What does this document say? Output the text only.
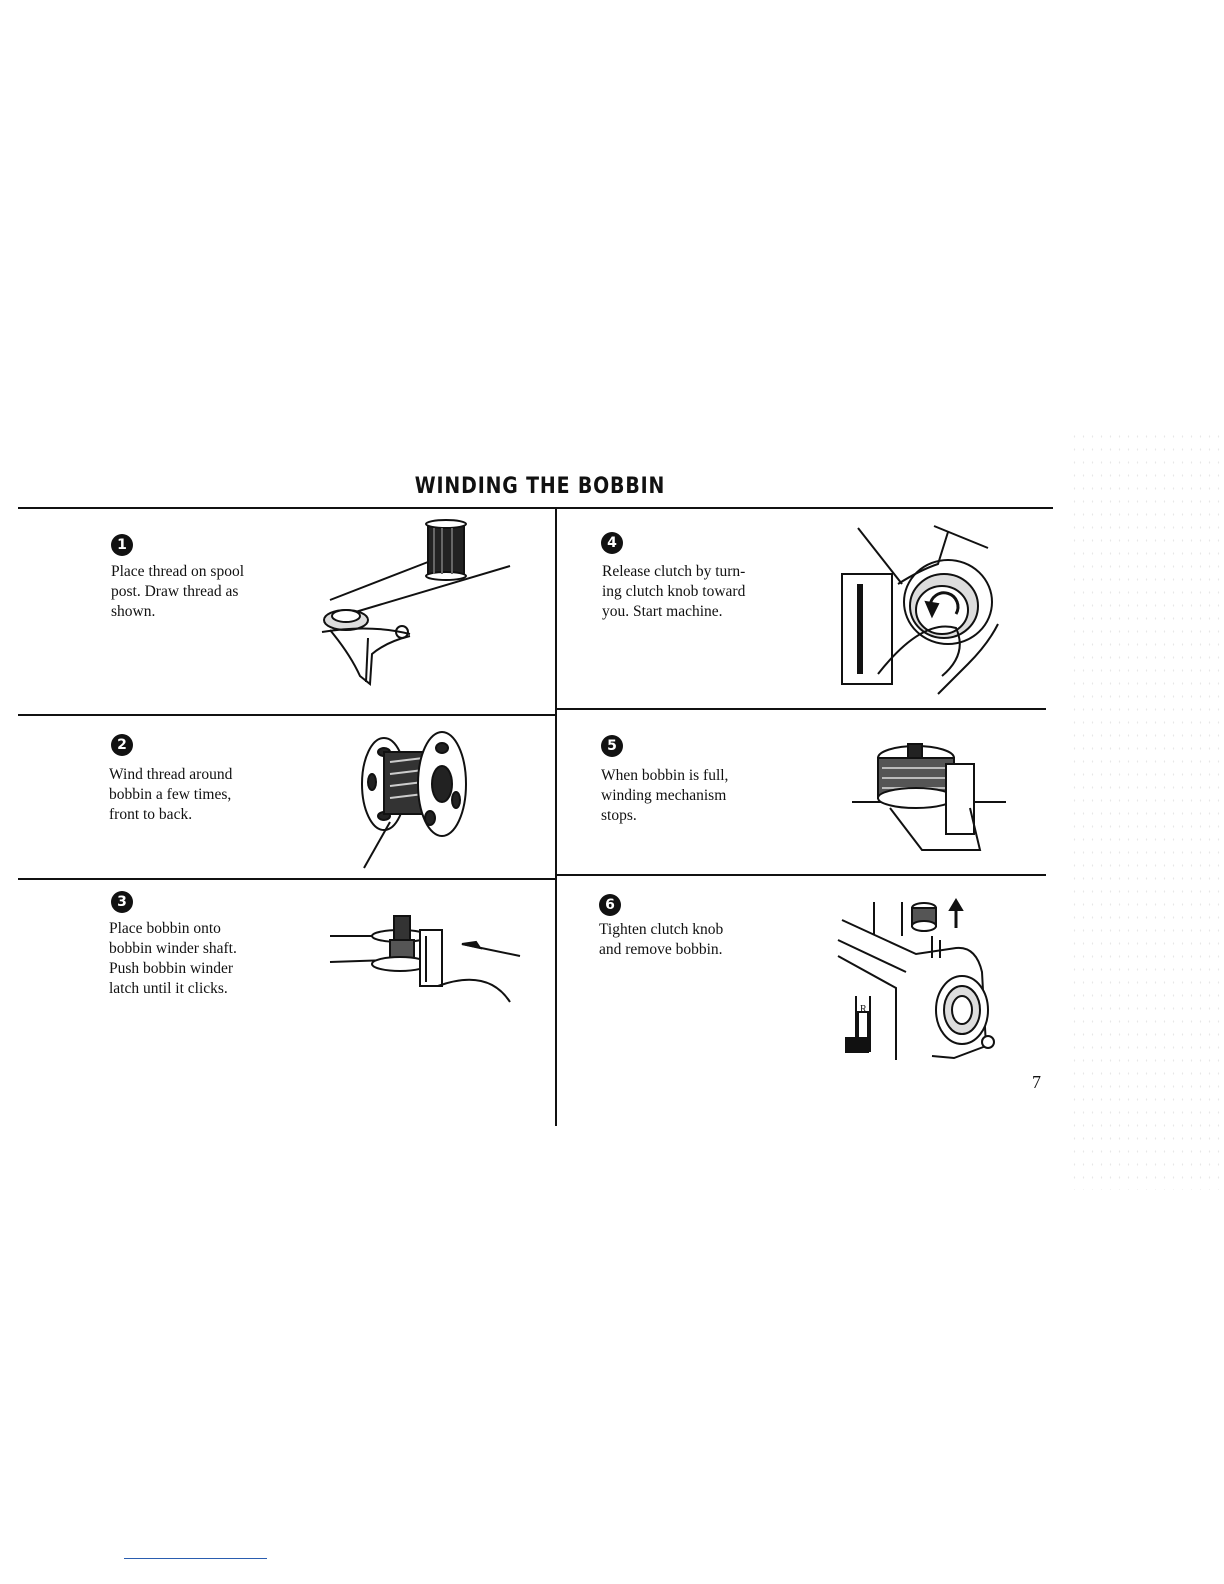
WINDING THE BOBBIN
1
Place thread on spool
post. Draw thread as
shown.
2
Wind thread around
bobbin a few times,
front to back.
3
Place bobbin onto
bobbin winder shaft.
Push bobbin winder
latch until it clicks.
4
Release clutch by turn-
ing clutch knob toward
you. Start machine.
5
When bobbin is full,
winding mechanism
stops.
6
Tighten clutch knob
and remove bobbin.
R
7
